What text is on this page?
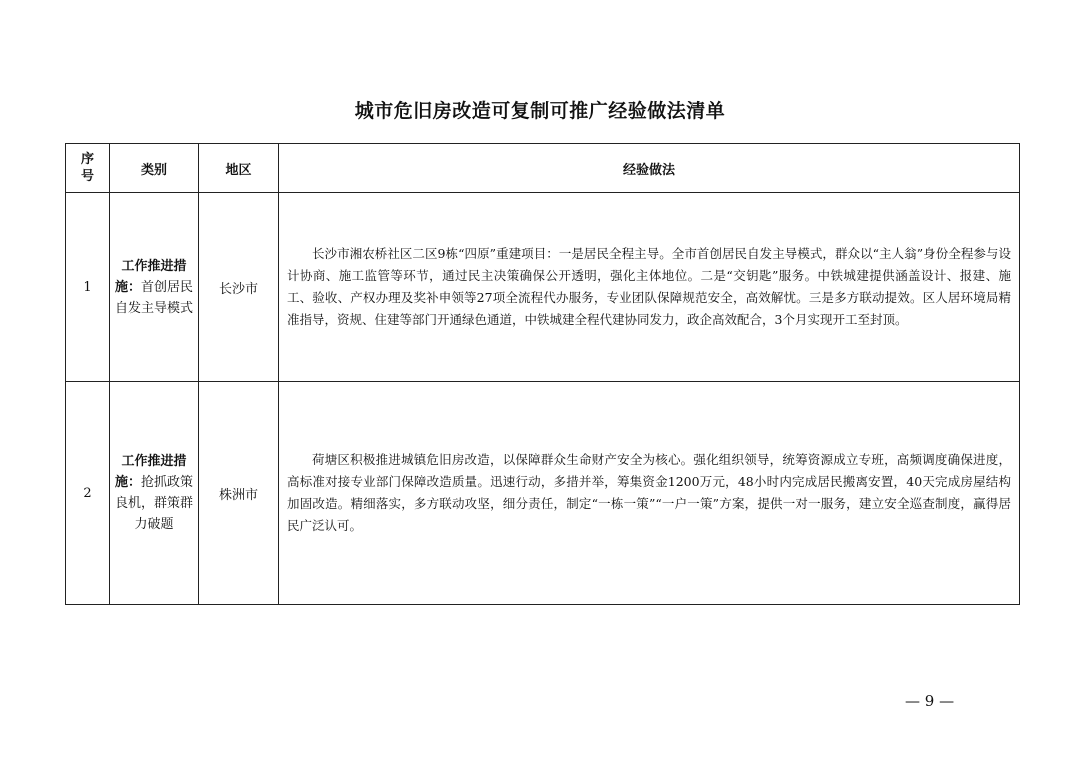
城市危旧房改造可复制可推广经验做法清单
序
号	类别	地区	经验做法
1	工作推进措施：首创居民自发主导模式	长沙市	长沙市湘农桥社区二区9栋“四原”重建项目：一是居民全程主导。全市首创居民自发主导模式，群众以“主人翁”身份全程参与设计协商、施工监管等环节，通过民主决策确保公开透明，强化主体地位。二是“交钥匙”服务。中铁城建提供涵盖设计、报建、施工、验收、产权办理及奖补申领等27项全流程代办服务，专业团队保障规范安全，高效解忧。三是多方联动提效。区人居环境局精准指导，资规、住建等部门开通绿色通道，中铁城建全程代建协同发力，政企高效配合，3个月实现开工至封顶。

2	工作推进措施：抢抓政策良机，群策群力破题	株洲市	荷塘区积极推进城镇危旧房改造，以保障群众生命财产安全为核心。强化组织领导，统筹资源成立专班，高频调度确保进度，高标准对接专业部门保障改造质量。迅速行动，多措并举，筹集资金1200万元，48小时内完成居民搬离安置，40天完成房屋结构加固改造。精细落实，多方联动攻坚，细分责任，制定“一栋一策”“一户一策”方案，提供一对一服务，建立安全巡查制度，赢得居民广泛认可。
— 9 —
